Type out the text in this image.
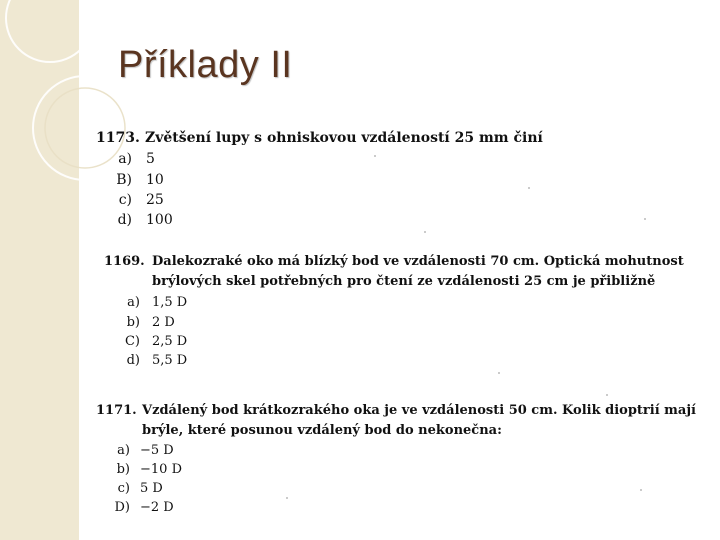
Příklady II
1173. Zvětšení lupy s ohniskovou vzdáleností 25 mm činí
a) 5
B) 10
c) 25
d) 100
1169. Dalekozraké oko má blízký bod ve vzdálenosti 70 cm. Optická mohutnost
brýlových skel potřebných pro čtení ze vzdálenosti 25 cm je přibližně
a) 1,5 D
b) 2 D
C) 2,5 D
d) 5,5 D
1171. Vzdálený bod krátkozrakého oka je ve vzdálenosti 50 cm. Kolik dioptrií mají
brýle, které posunou vzdálený bod do nekonečna:
a) −5 D
b) −10 D
c) 5 D
D) −2 D
